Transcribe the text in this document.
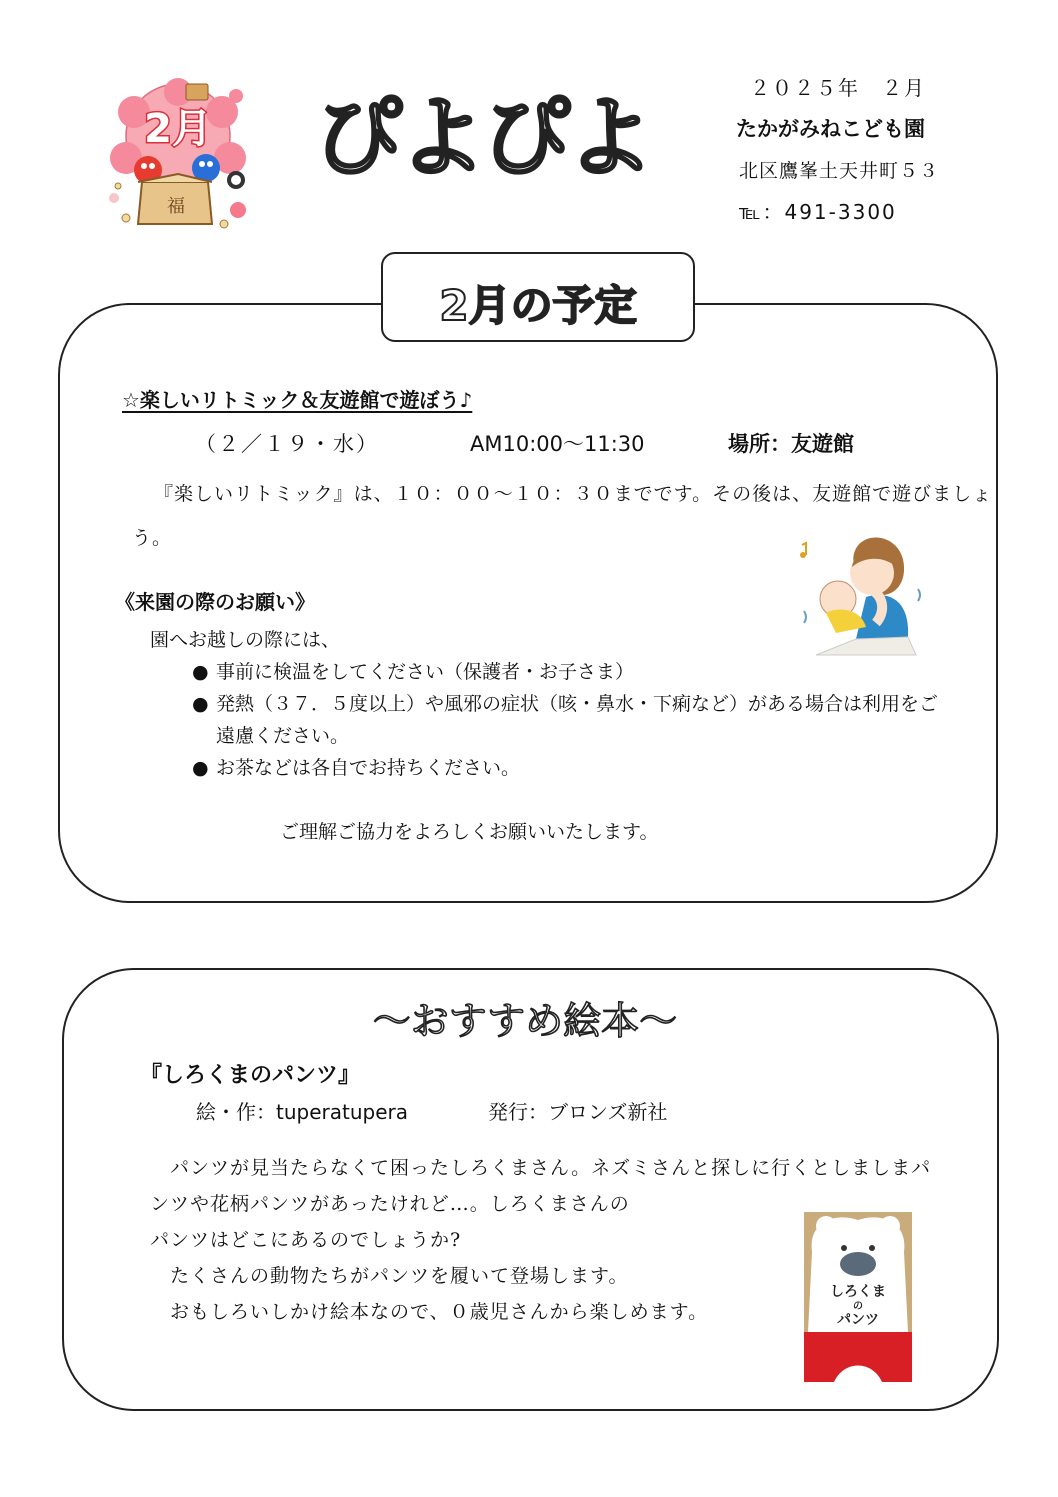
2月
福
ぴよぴよ	２０２５年　２月
たかがみねこども園
北区鷹峯土天井町５３
℡：491-3300
2月の予定
☆楽しいリトミック＆友遊館で遊ぼう♪
（２／１９・水）	AM10:00～11:30	場所：友遊館
『楽しいリトミック』は、１０：００～１０：３０までです。その後は、友遊館で遊びましょう。
《来園の際のお願い》
園へお越しの際には、
● 事前に検温をしてください（保護者・お子さま）
● 発熱（３７．５度以上）や風邪の症状（咳・鼻水・下痢など）がある場合は利用をご遠慮ください。
● お茶などは各自でお持ちください。
ご理解ご協力をよろしくお願いいたします。
～おすすめ絵本～
『しろくまのパンツ』
絵・作：tuperatupera	発行：ブロンズ新社
　パンツが見当たらなくて困ったしろくまさん。ネズミさんと探しに行くとしましまパ
ンツや花柄パンツがあったけれど…。しろくまさんの
パンツはどこにあるのでしょうか?
　たくさんの動物たちがパンツを履いて登場します。
　おもしろいしかけ絵本なので、０歳児さんから楽しめます。
しろくま
の
パンツ
